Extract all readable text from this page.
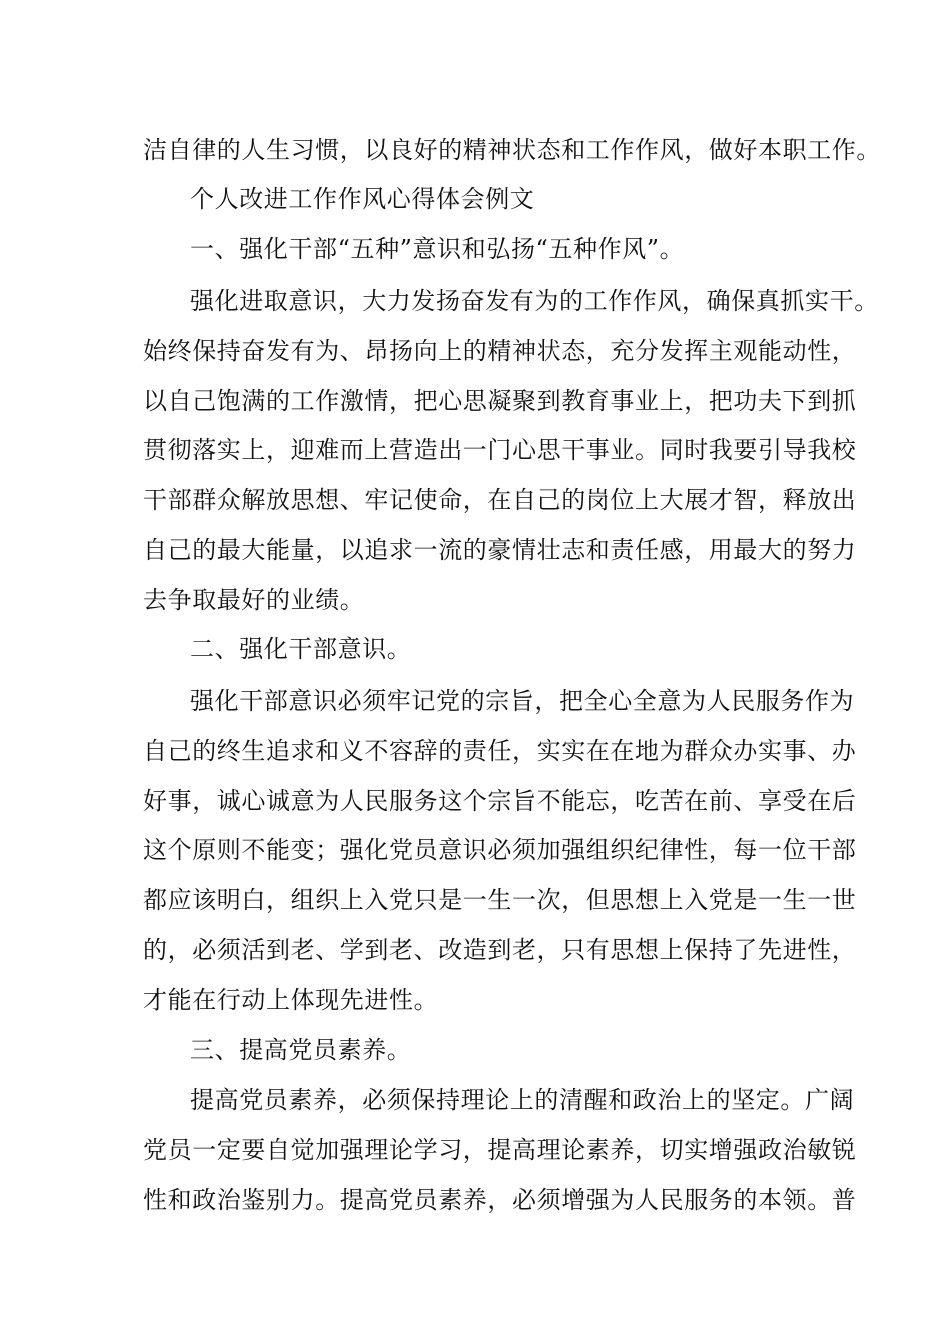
洁自律的人生习惯，以良好的精神状态和工作作风，做好本职工作。
个人改进工作作风心得体会例文
一、强化干部“五种”意识和弘扬“五种作风”。
强化进取意识，大力发扬奋发有为的工作作风，确保真抓实干。
始终保持奋发有为、昂扬向上的精神状态，充分发挥主观能动性，
以自己饱满的工作激情，把心思凝聚到教育事业上，把功夫下到抓
贯彻落实上，迎难而上营造出一门心思干事业。同时我要引导我校
干部群众解放思想、牢记使命，在自己的岗位上大展才智，释放出
自己的最大能量，以追求一流的豪情壮志和责任感，用最大的努力
去争取最好的业绩。
二、强化干部意识。
强化干部意识必须牢记党的宗旨，把全心全意为人民服务作为
自己的终生追求和义不容辞的责任，实实在在地为群众办实事、办
好事，诚心诚意为人民服务这个宗旨不能忘，吃苦在前、享受在后
这个原则不能变；强化党员意识必须加强组织纪律性，每一位干部
都应该明白，组织上入党只是一生一次，但思想上入党是一生一世
的，必须活到老、学到老、改造到老，只有思想上保持了先进性，
才能在行动上体现先进性。
三、提高党员素养。
提高党员素养，必须保持理论上的清醒和政治上的坚定。广阔
党员一定要自觉加强理论学习，提高理论素养，切实增强政治敏锐
性和政治鉴别力。提高党员素养，必须增强为人民服务的本领。普
